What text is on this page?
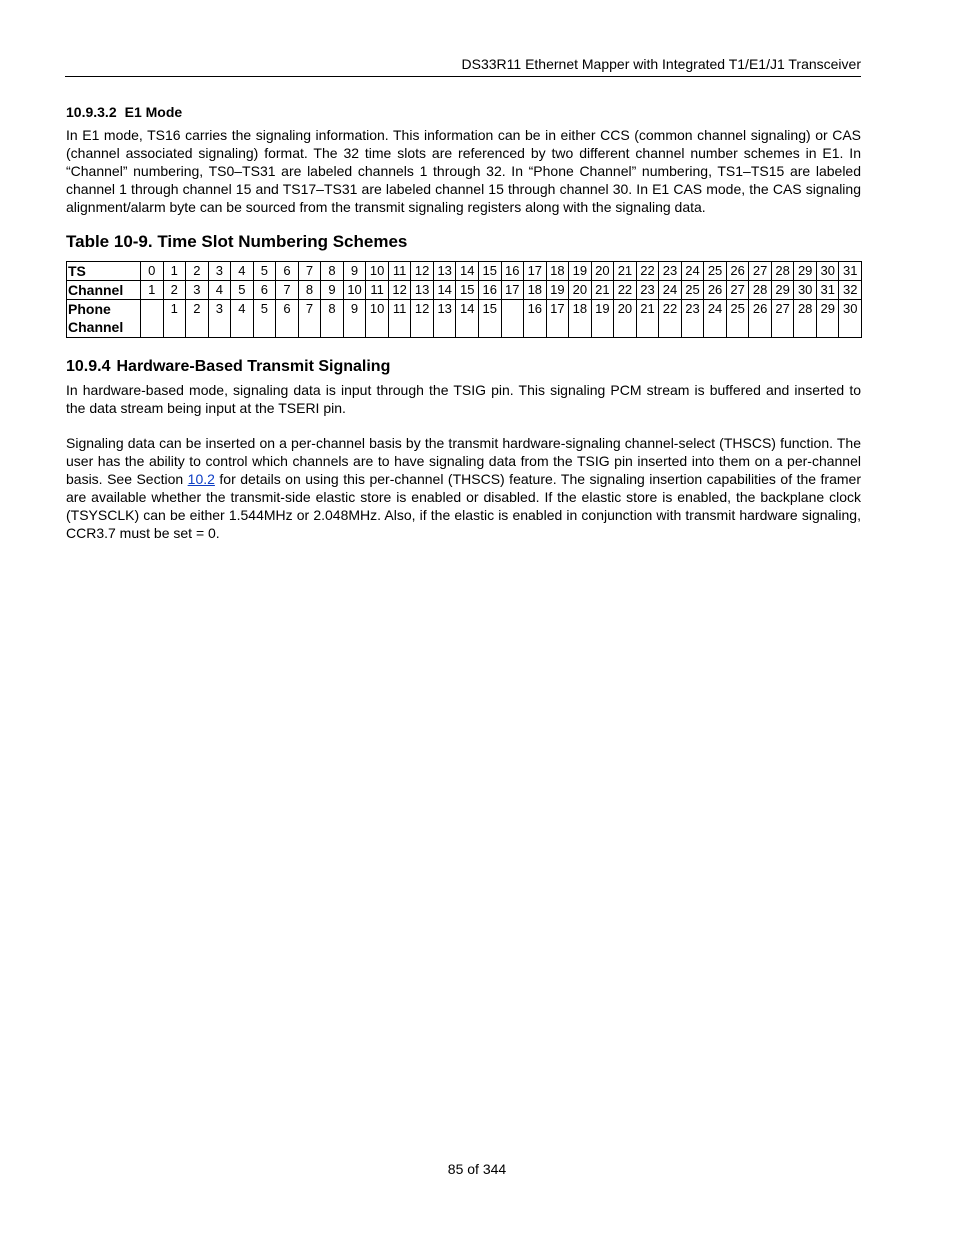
DS33R11 Ethernet Mapper with Integrated T1/E1/J1 Transceiver
10.9.3.2 E1 Mode

In E1 mode, TS16 carries the signaling information. This information can be in either CCS (common channel signaling) or CAS (channel associated signaling) format. The 32 time slots are referenced by two different channel number schemes in E1. In “Channel” numbering, TS0–TS31 are labeled channels 1 through 32. In “Phone Channel” numbering, TS1–TS15 are labeled channel 1 through channel 15 and TS17–TS31 are labeled channel 15 through channel 30. In E1 CAS mode, the CAS signaling alignment/alarm byte can be sourced from the transmit signaling registers along with the signaling data.

Table 10-9. Time Slot Numbering Schemes
TS	0	1	2	3	4	5	6	7	8	9	10	11	12	13	14	15	16	17	18	19	20	21	22	23	24	25	26	27	28	29	30	31
Channel	1	2	3	4	5	6	7	8	9	10	11	12	13	14	15	16	17	18	19	20	21	22	23	24	25	26	27	28	29	30	31	32
Phone Channel		1	2	3	4	5	6	7	8	9	10	11	12	13	14	15		16	17	18	19	20	21	22	23	24	25	26	27	28	29	30
10.9.4 Hardware-Based Transmit Signaling

In hardware-based mode, signaling data is input through the TSIG pin. This signaling PCM stream is buffered and inserted to the data stream being input at the TSERI pin.

Signaling data can be inserted on a per-channel basis by the transmit hardware-signaling channel-select (THSCS) function. The user has the ability to control which channels are to have signaling data from the TSIG pin inserted into them on a per-channel basis. See Section 10.2 for details on using this per-channel (THSCS) feature. The signaling insertion capabilities of the framer are available whether the transmit-side elastic store is enabled or disabled. If the elastic store is enabled, the backplane clock (TSYSCLK) can be either 1.544MHz or 2.048MHz. Also, if the elastic is enabled in conjunction with transmit hardware signaling, CCR3.7 must be set = 0.

85 of 344
